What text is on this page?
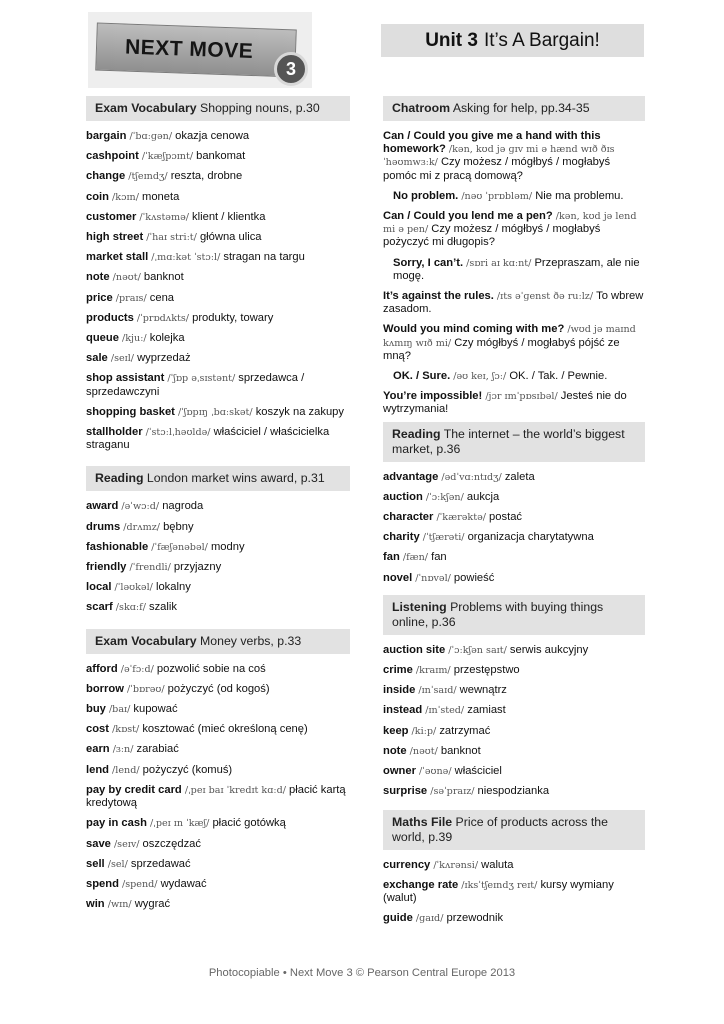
NEXT MOVE
3
Unit 3 It’s A Bargain!
Exam Vocabulary Shopping nouns, p.30
bargain /ˈbɑːɡən/ okazja cenowa
cashpoint /ˈkæʃpɔɪnt/ bankomat
change /tʃeɪndʒ/ reszta, drobne
coin /kɔɪn/ moneta
customer /ˈkʌstəmə/ klient / klientka
high street /ˈhaɪ striːt/ główna ulica
market stall /ˌmɑːkət ˈstɔːl/ stragan na targu
note /nəʊt/ banknot
price /praɪs/ cena
products /ˈprɒdʌkts/ produkty, towary
queue /kjuː/ kolejka
sale /seɪl/ wyprzedaż
shop assistant /ˈʃɒp əˌsɪstənt/ sprzedawca / sprzedawczyni
shopping basket /ˈʃɒpɪŋ ˌbɑːskət/ koszyk na zakupy
stallholder /ˈstɔːlˌhəʊldə/ właściciel / właścicielka straganu
Reading London market wins award, p.31
award /əˈwɔːd/ nagroda
drums /drʌmz/ bębny
fashionable /ˈfæʃənəbəl/ modny
friendly /ˈfrendli/ przyjazny
local /ˈləʊkəl/ lokalny
scarf /skɑːf/ szalik
Exam Vocabulary Money verbs, p.33
afford /əˈfɔːd/ pozwolić sobie na coś
borrow /ˈbɒrəʊ/ pożyczyć (od kogoś)
buy /baɪ/ kupować
cost /kɒst/ kosztować (mieć określoną cenę)
earn /ɜːn/ zarabiać
lend /lend/ pożyczyć (komuś)
pay by credit card /ˌpeɪ baɪ ˈkredɪt kɑːd/ płacić kartą kredytową
pay in cash /ˌpeɪ ɪn ˈkæʃ/ płacić gotówką
save /seɪv/ oszczędzać
sell /sel/ sprzedawać
spend /spend/ wydawać
win /wɪn/ wygrać
Chatroom Asking for help, pp.34-35
Can / Could you give me a hand with this homework? /kən, kʊd jə ɡɪv mi ə hænd wɪð ðɪs ˈhəʊmwɜːk/ Czy możesz / mógłbyś / mogłabyś pomóc mi z pracą domową?
No problem. /nəʊ ˈprɒbləm/ Nie ma problemu.
Can / Could you lend me a pen? /kən, kʊd jə lend mi ə pen/ Czy możesz / mógłbyś / mogłabyś pożyczyć mi długopis?
Sorry, I can’t. /sɒri aɪ kɑːnt/ Przepraszam, ale nie mogę.
It’s against the rules. /ɪts əˈɡenst ðə ruːlz/ To wbrew zasadom.
Would you mind coming with me? /wʊd jə maɪnd kʌmɪŋ wɪð mi/ Czy mógłbyś / mogłabyś pójść ze mną?
OK. / Sure. /əʊ keɪ, ʃɔː/ OK. / Tak. / Pewnie.
You’re impossible! /jɔr ɪmˈpɒsɪbəl/ Jesteś nie do wytrzymania!
Reading The internet – the world’s biggest market, p.36
advantage /ədˈvɑːntɪdʒ/ zaleta
auction /ˈɔːkʃən/ aukcja
character /ˈkærəktə/ postać
charity /ˈtʃærəti/ organizacja charytatywna
fan /fæn/ fan
novel /ˈnɒvəl/ powieść
Listening Problems with buying things online, p.36
auction site /ˈɔːkʃən saɪt/ serwis aukcyjny
crime /kraɪm/ przestępstwo
inside /ɪnˈsaɪd/ wewnątrz
instead /ɪnˈsted/ zamiast
keep /kiːp/ zatrzymać
note /nəʊt/ banknot
owner /ˈəʊnə/ właściciel
surprise /səˈpraɪz/ niespodzianka
Maths File Price of products across the world, p.39
currency /ˈkʌrənsi/ waluta
exchange rate /ɪksˈtʃeɪndʒ reɪt/ kursy wymiany (walut)
guide /ɡaɪd/ przewodnik
Photocopiable • Next Move 3 © Pearson Central Europe 2013
